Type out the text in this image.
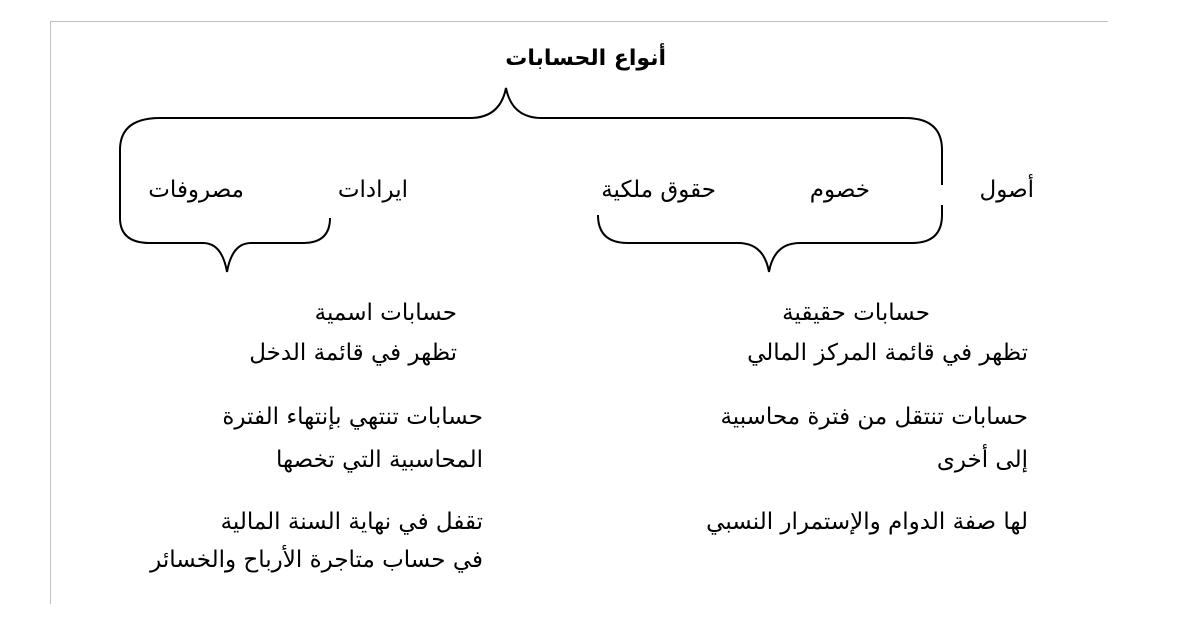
أنواع الحسابات
أصول
خصوم
حقوق ملكية
ايرادات
مصروفات
حسابات حقيقية
تظهر في قائمة المركز المالي
حسابات تنتقل من فترة محاسبية
إلى أخرى
لها صفة الدوام والإستمرار النسبي
حسابات اسمية
تظهر في قائمة الدخل
حسابات تنتهي بإنتهاء الفترة
المحاسبية التي تخصها
تقفل في نهاية السنة المالية
في حساب متاجرة الأرباح والخسائر
